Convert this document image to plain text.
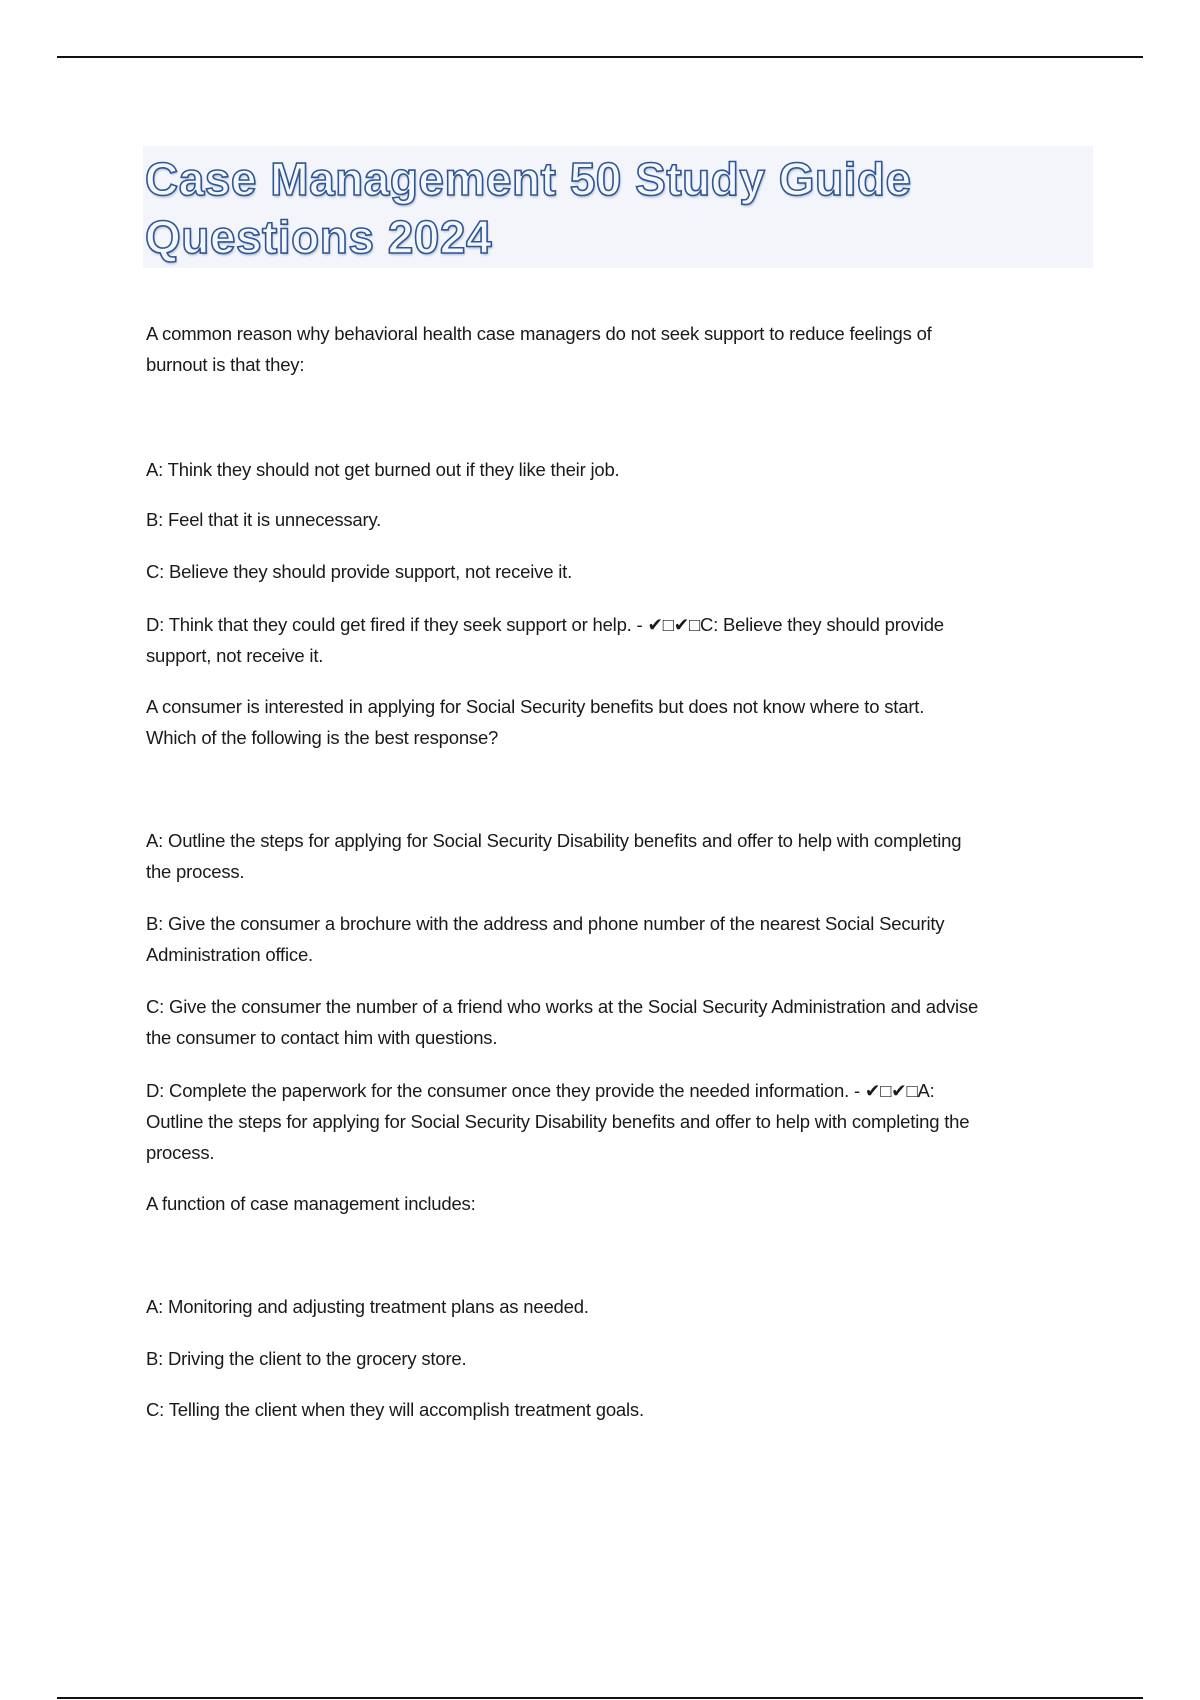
Case Management 50 Study Guide
Questions 2024
A common reason why behavioral health case managers do not seek support to reduce feelings of
burnout is that they:
A: Think they should not get burned out if they like their job.
B: Feel that it is unnecessary.
C: Believe they should provide support, not receive it.
D: Think that they could get fired if they seek support or help. - ✔□✔□C: Believe they should provide
support, not receive it.
A consumer is interested in applying for Social Security benefits but does not know where to start.
Which of the following is the best response?
A: Outline the steps for applying for Social Security Disability benefits and offer to help with completing
the process.
B: Give the consumer a brochure with the address and phone number of the nearest Social Security
Administration office.
C: Give the consumer the number of a friend who works at the Social Security Administration and advise
the consumer to contact him with questions.
D: Complete the paperwork for the consumer once they provide the needed information. - ✔□✔□A:
Outline the steps for applying for Social Security Disability benefits and offer to help with completing the
process.
A function of case management includes:
A: Monitoring and adjusting treatment plans as needed.
B: Driving the client to the grocery store.
C: Telling the client when they will accomplish treatment goals.
